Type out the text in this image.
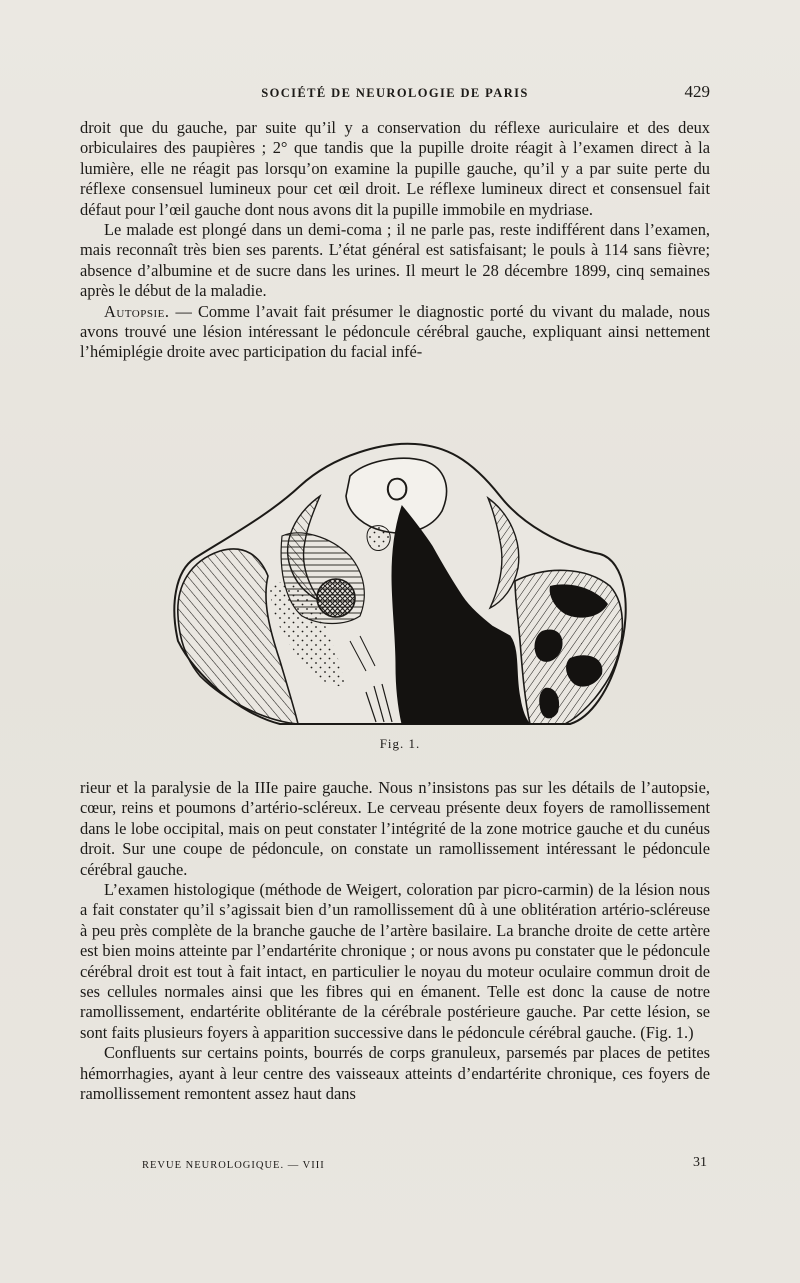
SOCIÉTÉ DE NEUROLOGIE DE PARIS	429

droit que du gauche, par suite qu’il y a conservation du réflexe auriculaire et des deux orbiculaires des paupières ; 2° que tandis que la pupille droite réagit à l’examen direct à la lumière, elle ne réagit pas lorsqu’on examine la pupille gauche, qu’il y a par suite perte du réflexe consensuel lumineux pour cet œil droit. Le réflexe lumineux direct et consensuel fait défaut pour l’œil gauche dont nous avons dit la pupille immobile en mydriase.

Le malade est plongé dans un demi-coma ; il ne parle pas, reste indifférent dans l’examen, mais reconnaît très bien ses parents. L’état général est satisfaisant; le pouls à 114 sans fièvre; absence d’albumine et de sucre dans les urines. Il meurt le 28 décembre 1899, cinq semaines après le début de la maladie.

Autopsie. — Comme l’avait fait présumer le diagnostic porté du vivant du malade, nous avons trouvé une lésion intéressant le pédoncule cérébral gauche, expliquant ainsi nettement l’hémiplégie droite avec participation du facial infé-

Fig. 1.

rieur et la paralysie de la IIIe paire gauche. Nous n’insistons pas sur les détails de l’autopsie, cœur, reins et poumons d’artério-scléreux. Le cerveau présente deux foyers de ramollissement dans le lobe occipital, mais on peut constater l’intégrité de la zone motrice gauche et du cunéus droit. Sur une coupe de pédoncule, on constate un ramollissement intéressant le pédoncule cérébral gauche.

L’examen histologique (méthode de Weigert, coloration par picro-carmin) de la lésion nous a fait constater qu’il s’agissait bien d’un ramollissement dû à une oblitération artério-scléreuse à peu près complète de la branche gauche de l’artère basilaire. La branche droite de cette artère est bien moins atteinte par l’endartérite chronique ; or nous avons pu constater que le pédoncule cérébral droit est tout à fait intact, en particulier le noyau du moteur oculaire commun droit de ses cellules normales ainsi que les fibres qui en émanent. Telle est donc la cause de notre ramollissement, endartérite oblitérante de la cérébrale postérieure gauche. Par cette lésion, se sont faits plusieurs foyers à apparition successive dans le pédoncule cérébral gauche. (Fig. 1.)

Confluents sur certains points, bourrés de corps granuleux, parsemés par places de petites hémorrhagies, ayant à leur centre des vaisseaux atteints d’endartérite chronique, ces foyers de ramollissement remontent assez haut dans

REVUE NEUROLOGIQUE. — VIII	31
